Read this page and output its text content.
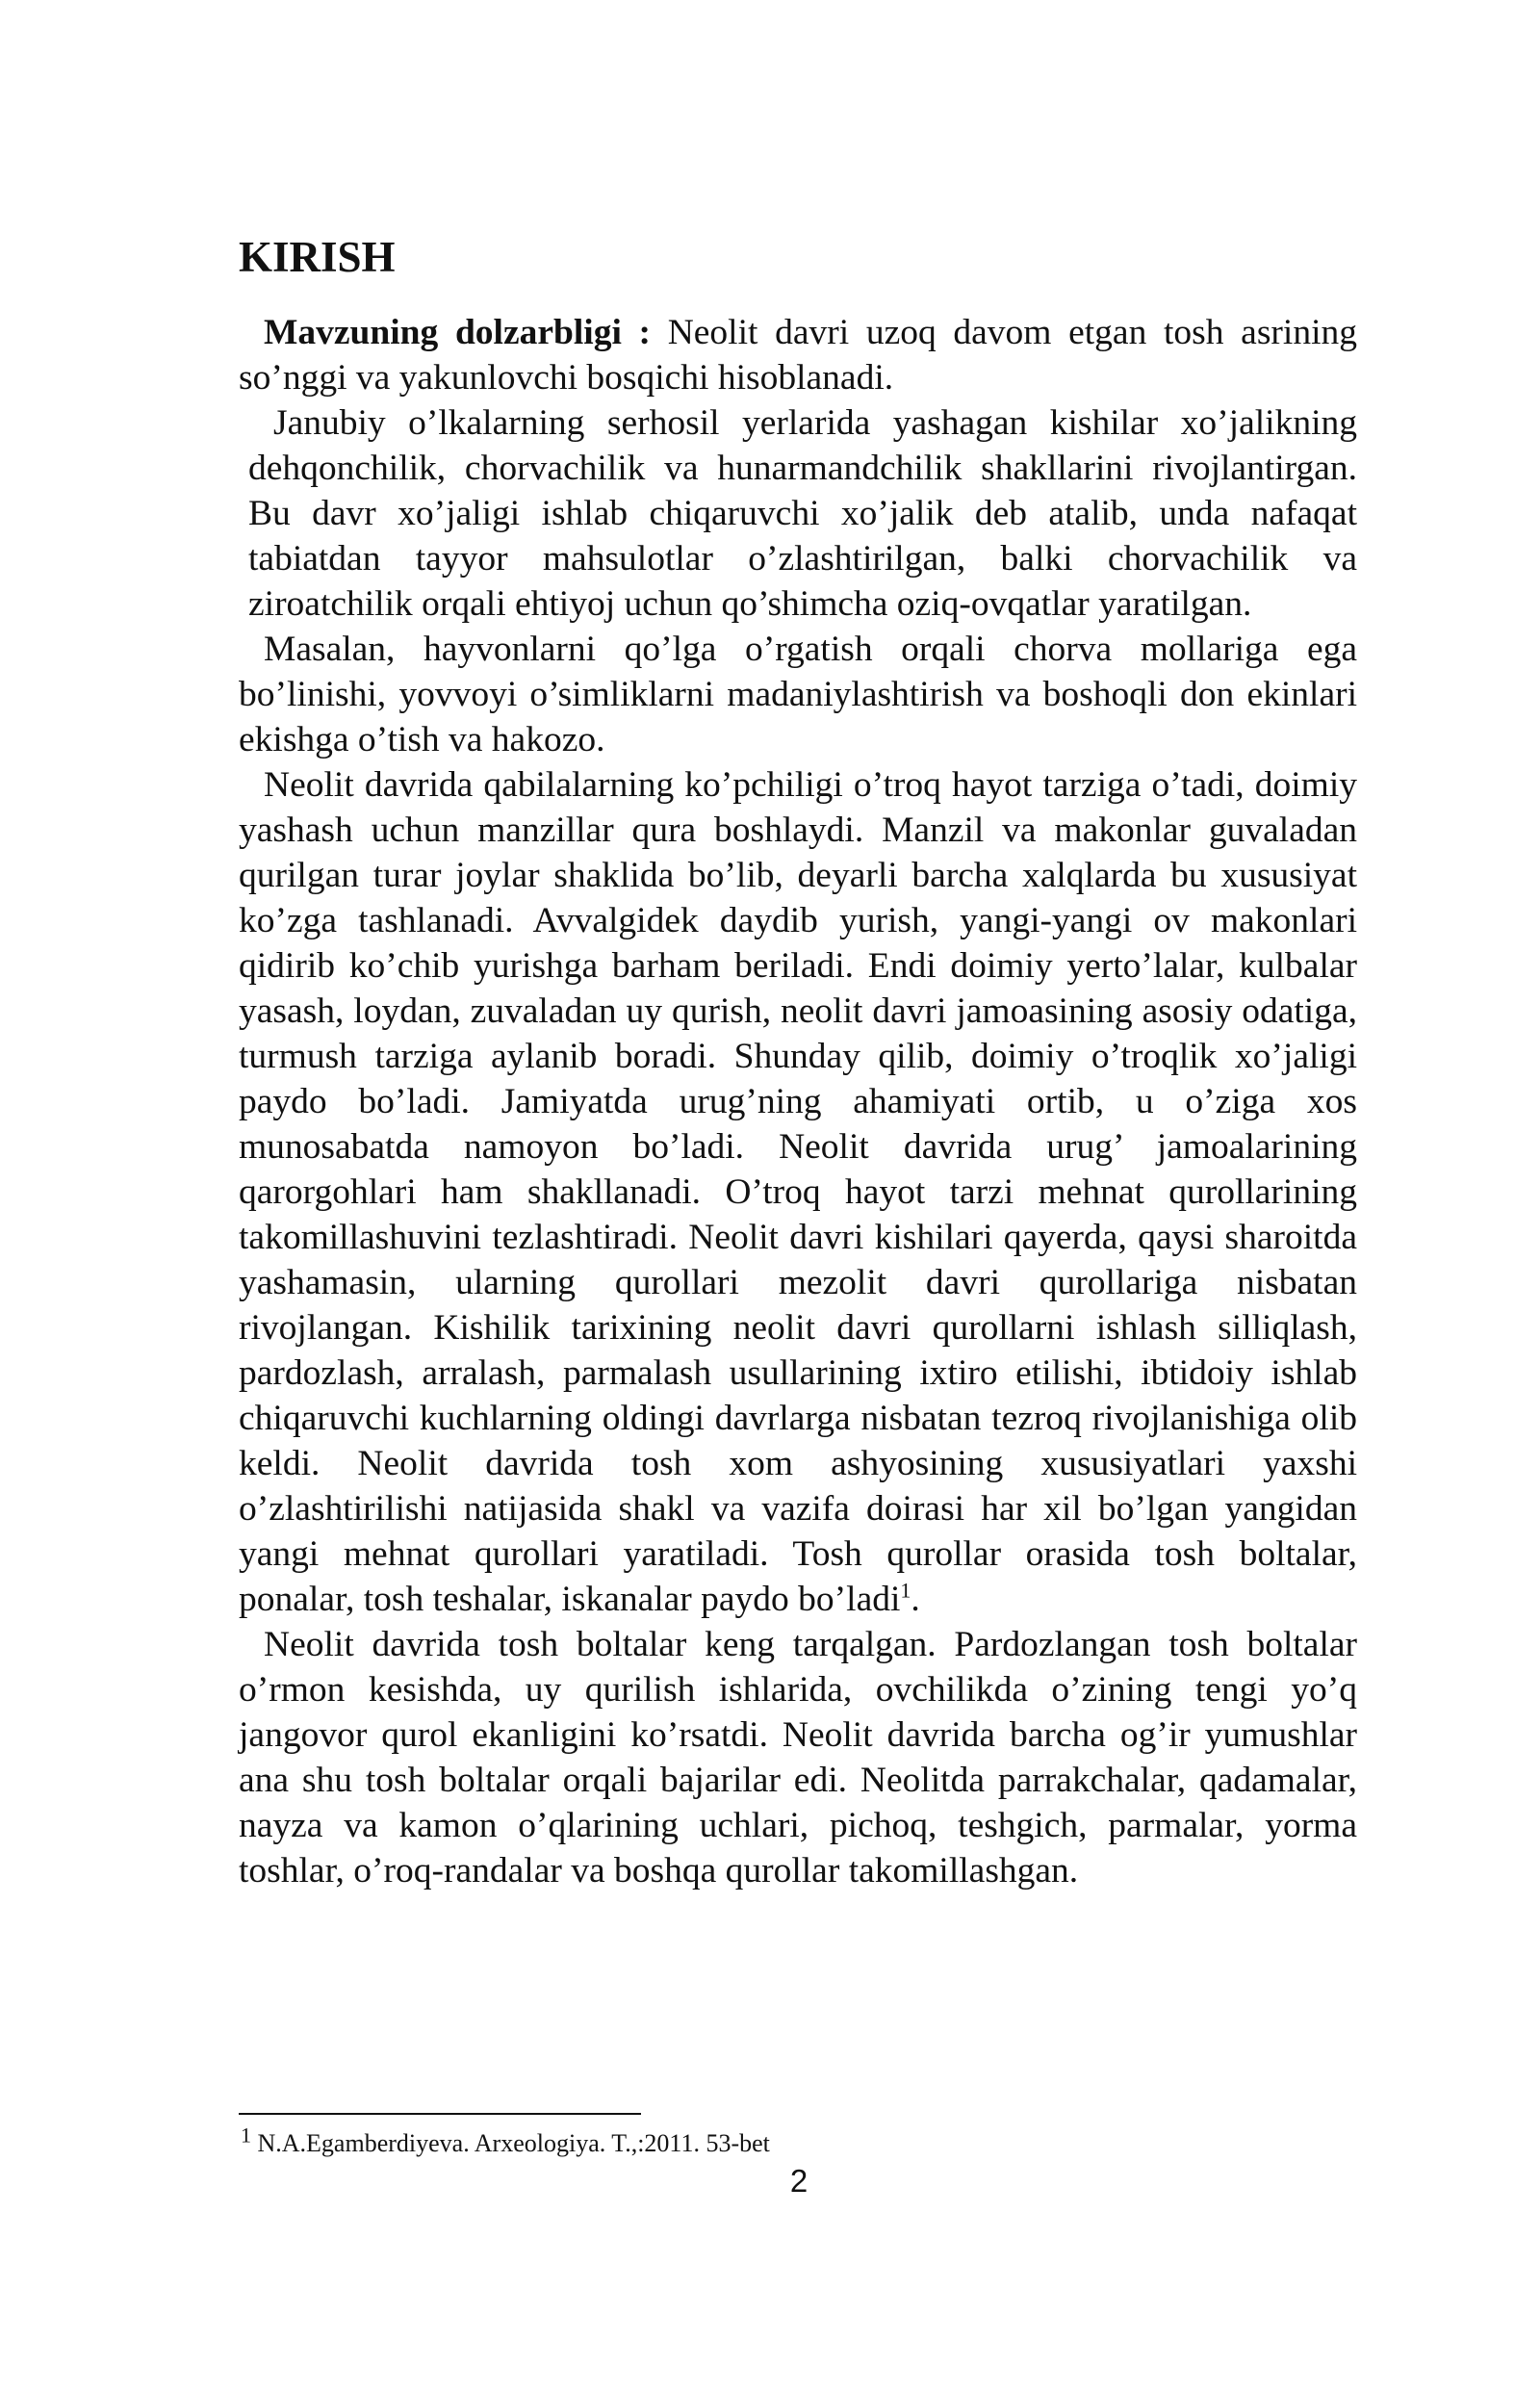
KIRISH

Mavzuning dolzarbligi : Neolit davri uzoq davom etgan tosh asrining so’nggi va yakunlovchi bosqichi hisoblanadi.

Janubiy o’lkalarning serhosil yerlarida yashagan kishilar xo’jalikning dehqonchilik, chorvachilik va hunarmandchilik shakllarini rivojlantirgan. Bu davr xo’jaligi ishlab chiqaruvchi xo’jalik deb atalib, unda nafaqat tabiatdan tayyor mahsulotlar o’zlashtirilgan, balki chorvachilik va ziroatchilik orqali ehtiyoj uchun qo’shimcha oziq-ovqatlar yaratilgan.

Masalan, hayvonlarni qo’lga o’rgatish orqali chorva mollariga ega bo’linishi, yovvoyi o’simliklarni madaniylashtirish va boshoqli don ekinlari ekishga o’tish va hakozo.

Neolit davrida qabilalarning ko’pchiligi o’troq hayot tarziga o’tadi, doimiy yashash uchun manzillar qura boshlaydi. Manzil va makonlar guvaladan qurilgan turar joylar shaklida bo’lib, deyarli barcha xalqlarda bu xususiyat ko’zga tashlanadi. Avvalgidek daydib yurish, yangi-yangi ov makonlari qidirib ko’chib yurishga barham beriladi. Endi doimiy yerto’lalar, kulbalar yasash, loydan, zuvaladan uy qurish, neolit davri jamoasining asosiy odatiga, turmush tarziga aylanib boradi. Shunday qilib, doimiy o’troqlik xo’jaligi paydo bo’ladi. Jamiyatda urug’ning ahamiyati ortib, u o’ziga xos munosabatda namoyon bo’ladi. Neolit davrida urug’ jamoalarining qarorgohlari ham shakllanadi. O’troq hayot tarzi mehnat qurollarining takomillashuvini tezlashtiradi. Neolit davri kishilari qayerda, qaysi sharoitda yashamasin, ularning qurollari mezolit davri qurollariga nisbatan rivojlangan. Kishilik tarixining neolit davri qurollarni ishlash silliqlash, pardozlash, arralash, parmalash usullarining ixtiro etilishi, ibtidoiy ishlab chiqaruvchi kuchlarning oldingi davrlarga nisbatan tezroq rivojlanishiga olib keldi. Neolit davrida tosh xom ashyosining xususiyatlari yaxshi o’zlashtirilishi natijasida shakl va vazifa doirasi har xil bo’lgan yangidan yangi mehnat qurollari yaratiladi. Tosh qurollar orasida tosh boltalar, ponalar, tosh teshalar, iskanalar paydo bo’ladi$^1$.

Neolit davrida tosh boltalar keng tarqalgan. Pardozlangan tosh boltalar o’rmon kesishda, uy qurilish ishlarida, ovchilikda o’zining tengi yo’q jangovor qurol ekanligini ko’rsatdi. Neolit davrida barcha og’ir yumushlar ana shu tosh boltalar orqali bajarilar edi. Neolitda parrakchalar, qadamalar, nayza va kamon o’qlarining uchlari, pichoq, teshgich, parmalar, yorma toshlar, o’roq-randalar va boshqa qurollar takomillashgan.

$^1$ N.A.Egamberdiyeva. Arxeologiya. T.,:2011. 53-bet
2
